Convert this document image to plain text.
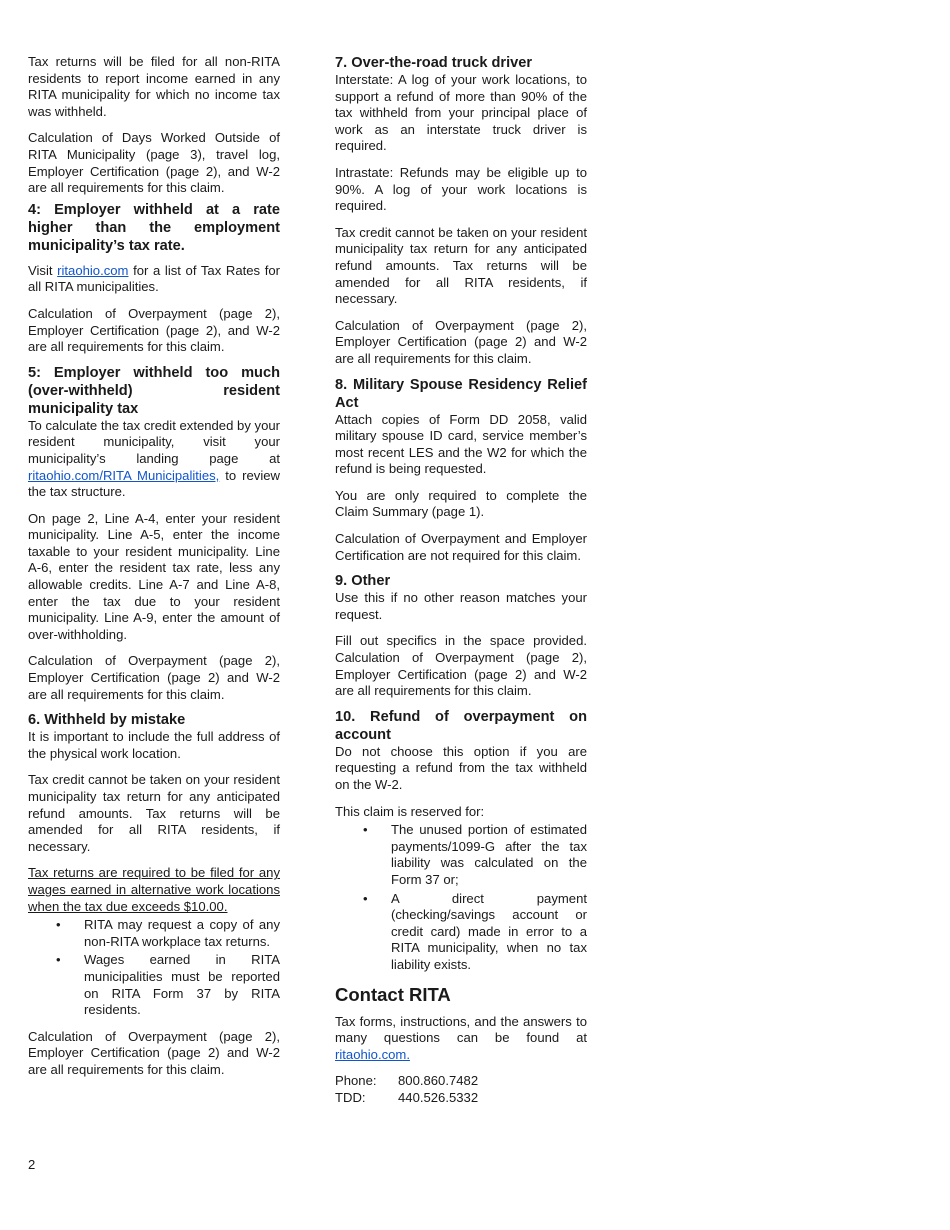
Tax returns will be filed for all non-RITA residents to report income earned in any RITA municipality for which no income tax was withheld.

Calculation of Days Worked Outside of RITA Municipality (page 3), travel log, Employer Certification (page 2), and W-2 are all requirements for this claim.

4: Employer withheld at a rate higher than the employment municipality’s tax rate.

Visit ritaohio.com for a list of Tax Rates for all RITA municipalities.

Calculation of Overpayment (page 2), Employer Certification (page 2), and W-2 are all requirements for this claim.

5: Employer withheld too much (over-withheld) resident municipality tax

To calculate the tax credit extended by your resident municipality, visit your municipality’s landing page at ritaohio.com/RITA Municipalities, to review the tax structure.

On page 2, Line A-4, enter your resident municipality. Line A-5, enter the income taxable to your resident municipality. Line A-6, enter the resident tax rate, less any allowable credits. Line A-7 and Line A-8, enter the tax due to your resident municipality. Line A-9, enter the amount of over-withholding.

Calculation of Overpayment (page 2), Employer Certification (page 2) and W-2 are all requirements for this claim.

6. Withheld by mistake

It is important to include the full address of the physical work location.

Tax credit cannot be taken on your resident municipality tax return for any anticipated refund amounts. Tax returns will be amended for all RITA residents, if necessary.

Tax returns are required to be filed for any wages earned in alternative work locations when the tax due exceeds $10.00.

• RITA may request a copy of any non-RITA workplace tax returns.
• Wages earned in RITA municipalities must be reported on RITA Form 37 by RITA residents.

Calculation of Overpayment (page 2), Employer Certification (page 2) and W-2 are all requirements for this claim.

7. Over-the-road truck driver

Interstate: A log of your work locations, to support a refund of more than 90% of the tax withheld from your principal place of work as an interstate truck driver is required.

Intrastate: Refunds may be eligible up to 90%. A log of your work locations is required.

Tax credit cannot be taken on your resident municipality tax return for any anticipated refund amounts. Tax returns will be amended for all RITA residents, if necessary.

Calculation of Overpayment (page 2), Employer Certification (page 2) and W-2 are all requirements for this claim.

8. Military Spouse Residency Relief Act

Attach copies of Form DD 2058, valid military spouse ID card, service member’s most recent LES and the W2 for which the refund is being requested.

You are only required to complete the Claim Summary (page 1).

Calculation of Overpayment and Employer Certification are not required for this claim.

9. Other

Use this if no other reason matches your request.

Fill out specifics in the space provided. Calculation of Overpayment (page 2), Employer Certification (page 2) and W-2 are all requirements for this claim.

10. Refund of overpayment on account

Do not choose this option if you are requesting a refund from the tax withheld on the W-2.

This claim is reserved for:

• The unused portion of estimated payments/1099-G after the tax liability was calculated on the Form 37 or;
• A direct payment (checking/savings account or credit card) made in error to a RITA municipality, when no tax liability exists.
Contact RITA

Tax forms, instructions, and the answers to many questions can be found at ritaohio.com.

Phone:	800.860.7482
TDD:	440.526.5332
2
